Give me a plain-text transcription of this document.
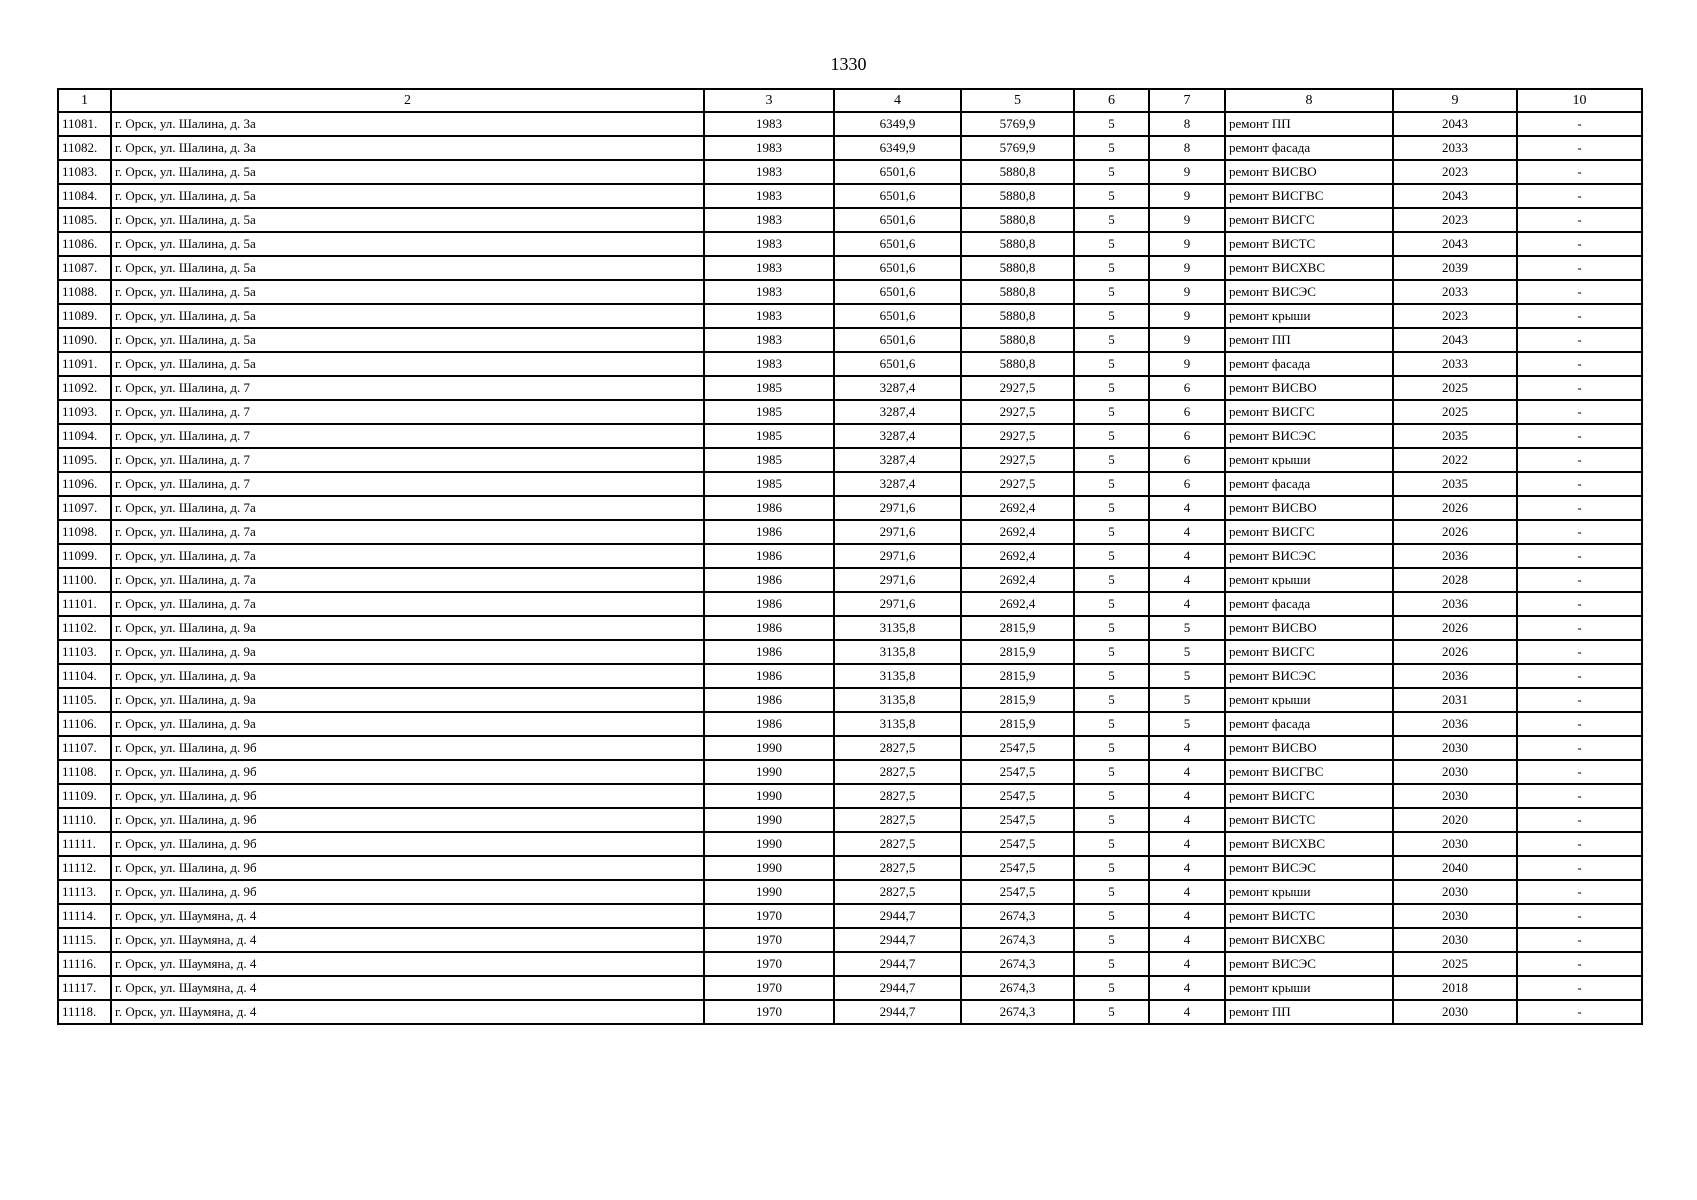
1330
1	2	3	4	5	6	7	8	9	10
11081.	г. Орск, ул. Шалина, д. 3а	1983	6349,9	5769,9	5	8	ремонт ПП	2043	-
11082.	г. Орск, ул. Шалина, д. 3а	1983	6349,9	5769,9	5	8	ремонт фасада	2033	-
11083.	г. Орск, ул. Шалина, д. 5а	1983	6501,6	5880,8	5	9	ремонт ВИСВО	2023	-
11084.	г. Орск, ул. Шалина, д. 5а	1983	6501,6	5880,8	5	9	ремонт ВИСГВС	2043	-
11085.	г. Орск, ул. Шалина, д. 5а	1983	6501,6	5880,8	5	9	ремонт ВИСГС	2023	-
11086.	г. Орск, ул. Шалина, д. 5а	1983	6501,6	5880,8	5	9	ремонт ВИСТС	2043	-
11087.	г. Орск, ул. Шалина, д. 5а	1983	6501,6	5880,8	5	9	ремонт ВИСХВС	2039	-
11088.	г. Орск, ул. Шалина, д. 5а	1983	6501,6	5880,8	5	9	ремонт ВИСЭС	2033	-
11089.	г. Орск, ул. Шалина, д. 5а	1983	6501,6	5880,8	5	9	ремонт крыши	2023	-
11090.	г. Орск, ул. Шалина, д. 5а	1983	6501,6	5880,8	5	9	ремонт ПП	2043	-
11091.	г. Орск, ул. Шалина, д. 5а	1983	6501,6	5880,8	5	9	ремонт фасада	2033	-
11092.	г. Орск, ул. Шалина, д. 7	1985	3287,4	2927,5	5	6	ремонт ВИСВО	2025	-
11093.	г. Орск, ул. Шалина, д. 7	1985	3287,4	2927,5	5	6	ремонт ВИСГС	2025	-
11094.	г. Орск, ул. Шалина, д. 7	1985	3287,4	2927,5	5	6	ремонт ВИСЭС	2035	-
11095.	г. Орск, ул. Шалина, д. 7	1985	3287,4	2927,5	5	6	ремонт крыши	2022	-
11096.	г. Орск, ул. Шалина, д. 7	1985	3287,4	2927,5	5	6	ремонт фасада	2035	-
11097.	г. Орск, ул. Шалина, д. 7а	1986	2971,6	2692,4	5	4	ремонт ВИСВО	2026	-
11098.	г. Орск, ул. Шалина, д. 7а	1986	2971,6	2692,4	5	4	ремонт ВИСГС	2026	-
11099.	г. Орск, ул. Шалина, д. 7а	1986	2971,6	2692,4	5	4	ремонт ВИСЭС	2036	-
11100.	г. Орск, ул. Шалина, д. 7а	1986	2971,6	2692,4	5	4	ремонт крыши	2028	-
11101.	г. Орск, ул. Шалина, д. 7а	1986	2971,6	2692,4	5	4	ремонт фасада	2036	-
11102.	г. Орск, ул. Шалина, д. 9а	1986	3135,8	2815,9	5	5	ремонт ВИСВО	2026	-
11103.	г. Орск, ул. Шалина, д. 9а	1986	3135,8	2815,9	5	5	ремонт ВИСГС	2026	-
11104.	г. Орск, ул. Шалина, д. 9а	1986	3135,8	2815,9	5	5	ремонт ВИСЭС	2036	-
11105.	г. Орск, ул. Шалина, д. 9а	1986	3135,8	2815,9	5	5	ремонт крыши	2031	-
11106.	г. Орск, ул. Шалина, д. 9а	1986	3135,8	2815,9	5	5	ремонт фасада	2036	-
11107.	г. Орск, ул. Шалина, д. 9б	1990	2827,5	2547,5	5	4	ремонт ВИСВО	2030	-
11108.	г. Орск, ул. Шалина, д. 9б	1990	2827,5	2547,5	5	4	ремонт ВИСГВС	2030	-
11109.	г. Орск, ул. Шалина, д. 9б	1990	2827,5	2547,5	5	4	ремонт ВИСГС	2030	-
11110.	г. Орск, ул. Шалина, д. 9б	1990	2827,5	2547,5	5	4	ремонт ВИСТС	2020	-
11111.	г. Орск, ул. Шалина, д. 9б	1990	2827,5	2547,5	5	4	ремонт ВИСХВС	2030	-
11112.	г. Орск, ул. Шалина, д. 9б	1990	2827,5	2547,5	5	4	ремонт ВИСЭС	2040	-
11113.	г. Орск, ул. Шалина, д. 9б	1990	2827,5	2547,5	5	4	ремонт крыши	2030	-
11114.	г. Орск, ул. Шаумяна, д. 4	1970	2944,7	2674,3	5	4	ремонт ВИСТС	2030	-
11115.	г. Орск, ул. Шаумяна, д. 4	1970	2944,7	2674,3	5	4	ремонт ВИСХВС	2030	-
11116.	г. Орск, ул. Шаумяна, д. 4	1970	2944,7	2674,3	5	4	ремонт ВИСЭС	2025	-
11117.	г. Орск, ул. Шаумяна, д. 4	1970	2944,7	2674,3	5	4	ремонт крыши	2018	-
11118.	г. Орск, ул. Шаумяна, д. 4	1970	2944,7	2674,3	5	4	ремонт ПП	2030	-
